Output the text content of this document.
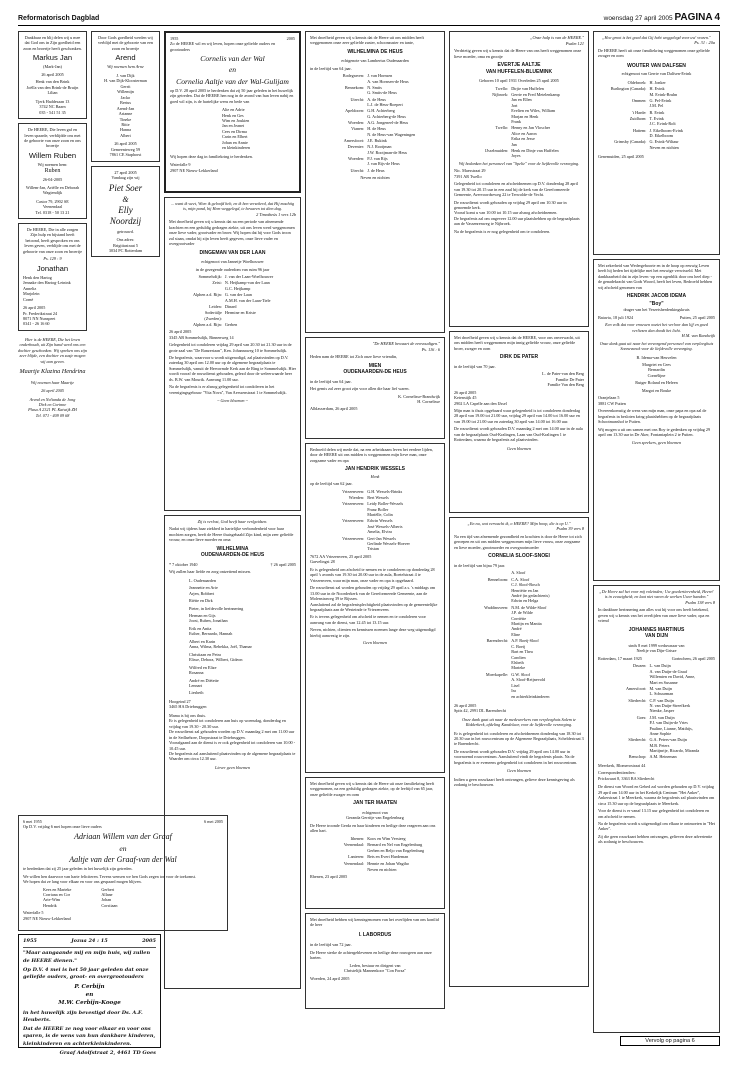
Reformatorisch Dagblad	woensdag 27 april 2005 PAGINA 4
Dankbaar en blij delen wij u mee dat God ons in Zijn goedheid een zoon en broertje heeft geschonken.
Markus Jan
(Mark-Jan)
26 april 2005
Henk van den Brink
Joëlla van den Brink-de Bruijn
Lilian
Tjerk Haddesaan 13
3742 NC Baarn
035 - 541 51 35
De HEERE, Die leven gaf en leven spaarde, verblijdde ons met de geboorte van onze zoon en ons broertje
Willem Ruben
Wij noemen hem:
Ruben
26-04-2005
Willem-Jan, Ariëlle en Deborah
Wagtendijk
Castor 79, 2902 SE
Veenendaal
Tel. 0318 - 50 13 21
De HEERE, Die in alle zorgen Zijn hulp en bijstand heeft betoond, heeft gesproken en ons leven geven, verblijde ons met de geboorte van onze zoon en broertje
Ps. 129 : 9
Jonathan
Henk den Hartog
Jennake den Hartog-Leinink
Anneliz
Marjolein
Cornè
26 april 2005
Pr. Frederikstraat 24
8071 NN Nunspeet
0341 - 26 16 60
Hier is de HEERE, Die het leven onderhoudt, uit Zijn hand werd ons een dochter geschonken. Wij spreken ons zijn zeer blijde, een dochter en zusje mogen wij aan geven.
Maartje Klazina Hendrina
Wij noemen haar Maartje
26 april 2005
Arend en Nelianda de Jong
Dirk en Corinne
Plasa A 2321 PL Katwijk ZH
Tel. 071 - 409 09 68
Door Gods goedheid werden wij verblijd met de geboorte van een zoon en broertje
Arend
Wij noemen hem Arne
J. van Dijk
H. van Dijk-Kloosterman
Gerrit
Willemijn
Jacko
Bertus
Arend-Jan
Arianne
Tineke
Ritte
Hanna
Albert
26 april 2005
Gemeenteweg 59
7861 CE Staphorst
27 april 2005
Vandaag zijn wij
Piet Soer
&
Elly
Noordzij
getrouwd.
Ons adres:
Brigittastraat 5
3034 PC Rotterdam
1955	2005
Zo de HEERE wil en wij leven, hopen onze geliefde ouders en grootouders
Cornelis van der Wal
en
Cornelia Aaltje van der Wal-Gulijam
op D.V. 28 april 2005 te herdenken dat zij 50 jaar geleden in het huwelijk zijn getreden. Dat de HEERE hen nog in de avond van hun leven nabij en goed wil zijn, is de hartelijke wens en bede van
Alie en Adrie
Henk en Ges
Wim en Joukien
Jan en Jeanet
Cees en Dirma
Carin en Elbert
Johan en Annie
en kleinkinderen
Wij hopen deze dag in familiekring te herdenken.
Waterfalle 9
2907 NE Nieuw-Lekkerland
... want ik weet, Wien ik geloofd heb, en ik ben verzekerd, dat Hij machtig is, mijn pand, bij Hem weggelegd, te bewaren tot dien dag.
2 Timotheüs 1 vers 12b
Met droefheid geven wij u kennis dat na een periode van afnemende krachten en een geduldig gedragen ziekte, uit ons leven werd weggenomen onze lieve vader, grootvader en broer. Wij hopen dat hij voor Gods troon zal staan, omdat hij zijn leven heeft gegeven, onze lieve vader en overgrootvader
DINGEMAN VAN DER LAAN
echtgenoot van Jannetje Woelhouwer
in de gezegende ouderdom van ruim 96 jaar
Sommelsdijk: J. van der Laan-Woelhouwer
Zeist: N. Heijkamp-van der Laan
G.C. Heijkamp
Alphen a.d. Rijn: G. van der Laan
A.M.H. van der Laan-Tiele
Leiden: Dinard
Sodertälje
(Zweden):
Hermine en Kriste
Alphen a.d. Rijn: Gerben
26 april 2005
3345 AB Sommelsdijk, Binnenweg 14
Gelegenheid tot condoleren vrijdag 29 april van 20.30 tot 21.30 uur in de grote zaal van "De Ranzeriaan", Ken. Johannaweg 10 te Sommelsdijk.
De begrafenis, waarvoor u wordt uitgenodigd, zal plaatsvinden op D.V. zaterdag 30 april om 12.00 uur op de algemene begraafplaats te Sommelsdijk, vanuit de Hervormde Kerk aan de Ring te Sommelsdijk. Hier wordt vooraf de rouwdienst gehouden, gelezd door de weleerwaarde heer ds. B.W. van Mourik. Aanvang 11.00 uur.
Na de begrafenis is er alsnog gelegenheid tot condoleren in het verenigingsgebouw "Vita Nova", Van Aerssenstraat 1 te Sommelsdijk.
~ Geen bloemen ~
Zij is verlost, God heeft haar verlgeidsen.
Nadat wij tijdens haar ziekbed in hartelijke verbondenheid voor haar mochten zorgen, heeft de Heere thuisgehaald Zijn kind, mijn zeer geliefde vrouw, en onze lieve moeder en oma
WILHELMINA
OUDENAARDEN-DE HEUS
* 7 oktober 1940	† 26 april 2005
Wij zullen haar liefde en zorg ontzettend missen.
L. Oudenaarden
Jeannette en Arie
Arjen, Robbert
Riëtte en Dirk
Pieter, in liefdevolle herinnering
Herman en Gijs
Joost, Ruben, Jonathan
Erik en Anita
Esther, Bernardo, Hannah
Albert en Karin
Anna, Wilma, Rebekka, Joël, Thamar
Christiaan en Petra
Elisse, Debora, Wilbert, Gideon
Wilfred en Elize
Rosanna
André en Diëtette
Lennart
Liesbeth
Hoogeind 27
3465 HA Driebruggen
Mama is bij ons thuis.
Er is gelegenheid tot condoleren aan huis op woensdag, donderdag en vrijdag van 19.30 - 20.30 uur.
De rouwdienst zal gehouden worden op D.V. maandag 2 mei om 11.00 uur in de Sedlaehore, Dorpsstraat te Driebruggen.
Voorafgaand aan de dienst is er ook gelegenheid tot condoleren van 10.00 - 10.45 uur.
De begrafenis zal aansluitend plaatsvinden op de algemene begraafplaats te Waarder om circa 12.30 uur.
Liever geen bloemen
6 mei 1955	6 mei 2005
Op D.V. vrijdag 6 mei hopen onze lieve ouders
Adriaan Willem van der Graaf
en
Aaltje van der Graaf-van der Wal
te herdenken dat zij 25 jaar geleden in het huwelijk zijn getreden.
We willen hen daarvoor van harte feliciteren. Tevens wensen we hen Gods zegen toe voor de toekomst.
We hopen dat ze lang voor elkaar en voor ons gespaard mogen blijven.
Kees en Marieke
Corriana en Cor
Arie-Wim
Hendrik
Gerbert
Allane
Johan
Corstiaan
Waterfalle 5
2907 NE Nieuw-Lekkerland
1955	Jozua 24 : 15	2005
"Maar aangaande mij en mijn huis, wij zullen de HEERE dienen."
Op D.V. 4 mei is het 50 jaar geleden dat onze geliefde ouders, groot- en overgrootouders
P. Cerbijn
en
M.W. Cerbijn-Kooge
in het huwelijk zijn bevestigd door Ds. A.F. Heuberts.
Dat de HEERE ze nog voor elkaar en voor ons sparen, is de wens van hun dankbare kinderen, kleinkinderen en achterkleinkinderen.
Graaf Adolfstraat 2, 4461 TD Goes
Met droefheid geven wij u kennis dat de Heere uit ons midden heeft weggenomen onze zeer geliefde zuster, schoonzuster en tante,
WILHELMINA DE HEUS
echtgenote van Lambertus Oudenaarden
in de leeftijd van 64 jaar.
Bodegraven: J. van Hornsen
A. van Hornsen-de Heus
Bennekom: N. Smits
G. Smits-de Heus
Utrecht: A. de Heus
L.J. de Heus-Roepert
Apeldoorn: G.H. Achterberg
G. Achterberg-de Heus
Woerden: A.G. Jongeneel-de Heus
Vianen: H. de Heus
N. de Heus-van Wageningen
Amersfoort: J.E. Bukink
Deventer: N.J. Rootjman
J.W. Rootjman-de Heus
Woerden: P.J. van Rijs
J. van Rijs-de Heus
Utrecht: J. de Heus
Neven en nichten
"De HEERE bewaart de eenvoudigen."
Ps. 116 : 6
Heden nam de HEERE tot Zich onze lieve vriendin,
MIEN
OUDENAARDEN-DE HEUS
in de leeftijd van 64 jaar.
Het gemis zal zeer groot zijn voor allen die haar lief waren.
K. Cornelisse-Brandwijk
H. Cornelisse
Alblasserdam, 26 april 2005
Bedroefd delen wij mede dat, na een arbeidzaam leven het eerdere lijden, door de HEERE uit ons midden is weggenomen mijn lieve man, onze zorgzame vader en opa
JAN HENDRIK WESSELS
Henk
op de leeftijd van 62 jaar.
Vriezenveen: G.H. Wessels-Brinks
Wierden: Bert Wessels
Vriezenveen: Leidy Boller-Wessels
Franz Boller
Mariëlle, Colin
Vriezenveen: Edwin Wessels
José Wessels-Alberts
Amelia, Elvira
Vriezenveen: Gert-Jan Wessels
Gerlinde Wessels-Hoever
Tristan
7672 AA Vriezenveen, 25 april 2005
Garvelingst 28
Er is gelegenheid om afscheid te nemen en te condoleren op donderdag 28 april 's avonds van 19.30 tot 20.00 uur in de aula, Boetelstraat 4 te Vriezenveen, waar mijn man, onze vader en opa is opgebaard.
De rouwdienst zal worden gehouden op vrijdag 29 april a.s. 's middags om 13.00 uur in de Noorderkerk van de Gereformeerde Gemeente, aan de Molenstraweg 39 te Rijssen.
Aansluitend zal de begrafenisplechtigheid plaatsvinden op de gemeentelijke begraafplaats aan de Westeinde te Vriezenveen.
Er is tevens gelegenheid om afscheid te nemen en te condoleren voor aanvang van de dienst, van 12.45 tot 13.15 uur.
Neven, nichten, clienten en kennissen noemen lange deze weg uitgenodigd hierbij aanwezig te zijn.
Geen bloemen
Met droefheid geven wij u kennis dat de Heere uit onze familiekring heeft weggenomen, na een geduldig gedragen ziekte, op de leeftijd van 65 jaar, onze geliefde zwager en oom
JAN TER MAATEN
echtgenoot van
Geranda Gerritje van Engelenburg
De Heere troonde Gerda en haar kinderen en heilige deze reageren aan ons allen hart.
Ithenen: Koos en Wim Versteeg
Veenendaal: Bernard en Nel van Engelenburg
Gerben en Beljo van Engelenburg
Lanteren: Bets en Evert Hardeman
Veenendaal: Hennie en Johan Wagtho
Neven en nichten
Rhenen, 23 april 2005
Met droefheid hebben wij kennisgenomen van het overlijden van ons kontlid de heer
I. LABORDUS
in de leeftijd van 72 jaar.
De Heere sterke de achtergeblevenen en heilige deze rouwgeen aan onze harten.
Leden, bestuur en dirigent van
Christelijk Mannenkoor "Con Forza"
Woerden, 24 april 2005
„Onze hulp is van de HEERE."
Psalm 121
Verdrietig geven wij u kennis dat de Heere van ons heeft weggenomen onze lieve moeder, oma en grootje
EVERTJE AALTJE
VAN HUFFELEN-BLUEMINK
Geboren 10 april 1931 Overleden 25 april 2005
Twello: Dirjie van Huffelen
Nijbroek: Gerrie en Fred Metelenkamp
Jan en Ellen
Jort
Evelien en Wiles, William
Marjan en Henk
Frank
Twello: Henny en Jan Vloscher
Alice en Aaron
Erika en Jesse
Jan
IJsselmuiden: Henk en Dinje van Huffelen
Joyes
Wij bedanken het personeel van "Spelie" voor de liefdevolle verzorging.
Nic. Maesstraat 29
7391 AR Twello
Gelegenheid tot condoleren en afscheidnemen op D.V. donderdag 28 april van 19.30 tot 20.15 uur in een zaal bij de kerk van de Gereformeerde Gemeente, Avervoordseweg 22 te Terwolde-de Vecht.
De rouwdienst wordt gehouden op vrijdag 29 april om 10.30 uur in genoemde kerk.
Vooraf komt u van 10.00 tot 10.15 uur alsnog afscheidnemen.
De begrafenis zal om ongeveer 12.00 uur plaatshebben op de begraafplaats aan de Vassenrenweg te Nijbroek.
Na de begrafenis is er nog gelegenheid om te condoleren.
Met droefheid geven wij u kennis dat de HEERE, voor ons onverwacht, uit ons midden heeft weggenomen mijn innig geliefde vrouw, onze geliefde broer, zwager en oom
DIRK DE PATER
in de leeftijd van 70 jaar.
L. de Pater-van den Berg
Familie De Pater
Familie Van den Berg
26 april 2005
Ketenstijk 45
2902 LA Capelle aan den IJssel
Mijn man is thuis opgebaard waar gelegenheid is tot condoleren donderdag 28 april van 19.00 tot 21.00 uur, vrijdag 29 april van 14.00 tot 16.00 uur en van 19.00 tot 21.00 uur en zaterdag 30 april van 14.00 tot 16.00 uur.
De rouwdienst wordt gehouden D.V. maandag 2 mei om 14.00 uur in de aula van de begraafplaats Oud-Kralingen, Laan van Oud-Kralingen 1 te Rotterdam, waarna de begrafenis zal plaatsvinden.
Geen bloemen
„En nu, wat verwacht ik, o HEERE? Mijn hoop, die is op U."
Psalm 39 vers 8
Na een tijd van afnemende gezondheid en krachten is door de Heere tot zich geroepen en uit ons midden weggenomen mijn lieve vrouw, onze zorgzame en lieve moeder, grootmoeder en overgrootmoeder
CORNELIA SLOOF-SNOEI
in de leeftijd van bijna 79 jaar.
A. Sloof
Benneloom: C.A. Sloof
C.J. Sloof-Bosch
Henriëtte en Jan
André (in gedachtenis)
Edwin en Helga
Waddinxveen: N.M. de Wilde-Sloof
J.P. de Wilde
Corriëtte
Martijn en Manita
André
Eline
Barendrecht: A.P. Boeij-Sloof
C. Boeij
Bart en Thea
Carolien
Elsbeth
Marieke
Moerkapelle: G.W. Sloof
A. Sloof-Reijnevold
Lisel
Ira
en achterkleinkinderen
26 april 2005
Spits 42, 2991 DL Barendrecht
Onze dank gaat uit naar de medewerkers van verpleeghuis Salem te Ridderkerk, afdeling Kandelaar, voor de liefdevolle verzorging.
Er is gelegenheid tot condoleren en afscheidnemen donderdag van 18.30 tot 20.30 uur in het rouwcentrum op de Algemene Begraafplaats, Scheldestraat 3 te Barendrecht.
De rouwdienst wordt gehouden D.V. vrijdag 29 april om 14.00 uur in voornoemd rouwcentrum. Aansluitend vindt de begrafenis plaats. Na de begrafenis is er eveneens gelegenheid tot condoleren in het rouwcentrum.
Geen bloemen
Indien u geen rouwkaart heeft ontvangen, gelieve deze kennisgeving als zodanig te beschouwen.
„Hoe groot is het goed dat Gij hebt weggelegd voor uw' vrezen."
Ps. 31 : 20a
De HEERE heeft uit onze familiekring weggenomen onze geliefde zwager en oom
WOUTER VAN DALFSEN
echtgenoot van Gerrie van Dalfsen-Evink
Oldebroek: H. Jonker
Burlington (Canada): H. Evink
M. Evink-Bruhn
Ommen: G. Pel-Evink
J.M. Pel
't Harde: B. Evink
Zuidhorn: T. Evink
J.C. Evink-Rolt
Hattem: J. Eikelboom-Evink
D. Eikelboom
Grimsby (Canada): G. Evink-Wiltaur
Neven en nichten
Genemuiden, 25 april 2005
Met zekerheid van Wedergeboorte en in de hoop op eeuwig Leven heeft hij heden het tijdelijke met het eeuwige verwisseld. Met dankbaarheid dat in zijn leven -op een ogenblik door ons heel diep -de genadekracht van Gods Woord, heeft het leven, Bedroefd hebben wij afscheid genomen van
HENDRIK JACOB IDEMA
"Boy"
drager van het Verzetsherdenkingskruis
Batavia, 18 juli 1924	Putten, 25 april 2005
Een volk dat voor vrouwen ooziet het verloor dan lijf en goed verliezen dan doodt het licht.
H.M. van Randwijk
Onze dank gaat uit naar het verzorgend personeel van verpleeghuis Sonnevanck voor de liefdevolle verzorging.
B. Idema-van Heuvelen
Margriet en Cees
Bernardin
Cornélijne
Rutger Roland en Heleen
Margot en Bouke
Oranjelaan 5
3881 CW Putten
Overeenkomstig de wens van mijn man, onze papa en opa zal de begrafenis in besloten kring plaatshebben op de begraafplaats Schootmanshof te Putten.
Wij mogen u uit om samen met ons Boy te gedenken op vrijdag 29 april om 13.30 uur in De Aker, Fontaniaplein 2 te Putten.
Geen sprekers, geen bloemen
„De Heere zal het voor mij voleinden; Uw goedertierenheid, Heere! is in eeuwigheid; en laat niet varen de werken Uwer handen."
Psalm 138 vers 8
In dankbare herinnering aan alles wat hij voor ons heeft betekend, geven wij u kennis van het overlijden van onze lieve vader, opa en vriend
JOHANNES MARTINUS
VAN DIJN
sinds 8 mei 1999 weduwnaar van
Neeltje van Dijn-Grisze
Rotterdam, 17 maart 1925	Gorinchem, 26 april 2005
Druzen: L. van Duijn
A. van Duijn-de Graaf
Willemien en David, Anne,
Mart en Susanne
Amersfoort: M. van Duijn
L. Schuurman
Sliedrecht: C.P. van Duijn
N. van Duijn-Streefkerk
Nienke, Jasper
Goes: J.M. van Duijn
P.J. van Duijn-de Vries
Pauline, Lianne, Matthijs,
Anne Sophie
Sliedrecht: G.A. Peters-van Duijn
M.B. Peters
Martijnrije, Ricardo, Miranda
Benschop: A.M. Heineman
Meerkerk, Blomerostraat 44
Correspondentieadres:
Prickwaart 8, 3363 BA Sliedrecht
De dienst van Woord en Gebed zal worden gehouden op D.V. vrijdag 29 april om 14.00 uur in het Kerkelijk Centrum "Het Anker", Ankerstraat 1 te Meerkerk, waarna de begrafenis zal plaatsvinden om circa 15.30 uur op de begraafplaats te Meerkerk.
Voor de dienst is er vanaf 13.15 uur gelegenheid tot condoleren en om afscheid te nemen.
Na de begrafenis wordt u uitgenodigd om elkaar te ontmoeten in "Het Anker".
Zij die geen rouwkaart hebben ontvangen, gelieven deze advertentie als zodanig te beschouwen.
Vervolg op pagina 6
